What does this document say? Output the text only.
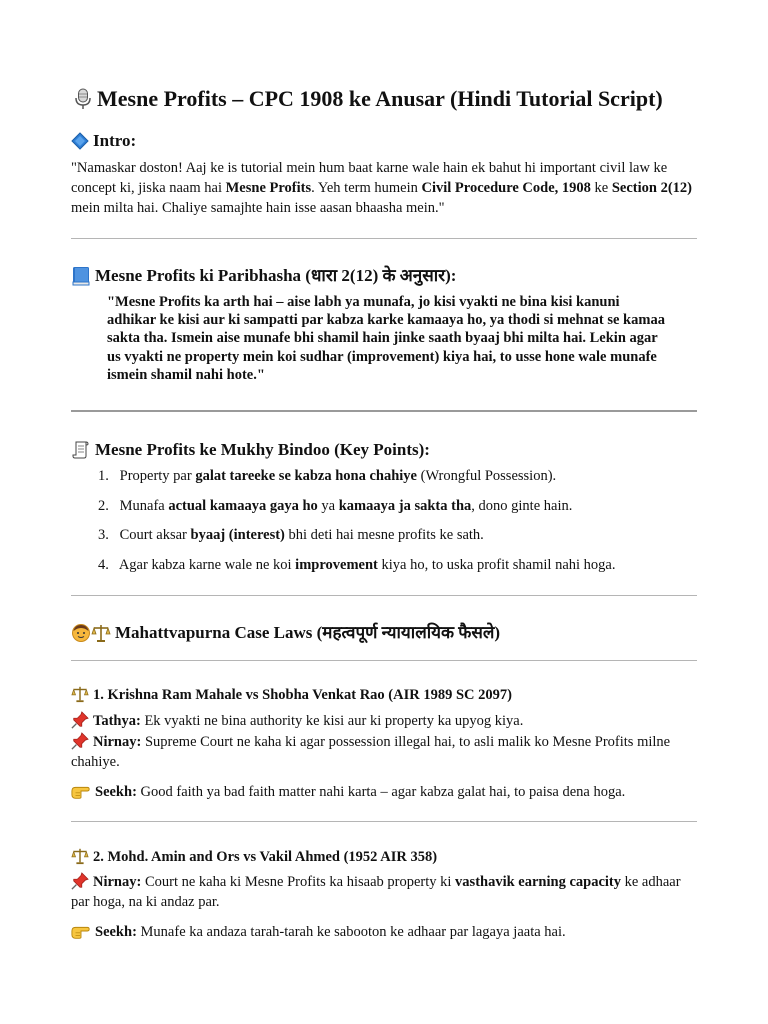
Mesne Profits – CPC 1908 ke Anusar (Hindi Tutorial Script)
Intro:

"Namaskar doston! Aaj ke is tutorial mein hum baat karne wale hain ek bahut hi important civil law ke concept ki, jiska naam hai Mesne Profits. Yeh term humein Civil Procedure Code, 1908 ke Section 2(12) mein milta hai. Chaliye samajhte hain isse aasan bhaasha mein."

Mesne Profits ki Paribhasha (धारा 2(12) के अनुसार):
"Mesne Profits ka arth hai – aise labh ya munafa, jo kisi vyakti ne bina kisi kanuni adhikar ke kisi aur ki sampatti par kabza karke kamaaya ho, ya thodi si mehnat se kamaa sakta tha. Ismein aise munafe bhi shamil hain jinke saath byaaj bhi milta hai. Lekin agar us vyakti ne property mein koi sudhar (improvement) kiya hai, to usse hone wale munafe ismein shamil nahi hote."
Mesne Profits ke Mukhy Bindoo (Key Points):
1. Property par galat tareeke se kabza hona chahiye (Wrongful Possession).
2. Munafa actual kamaaya gaya ho ya kamaaya ja sakta tha, dono ginte hain.
3. Court aksar byaaj (interest) bhi deti hai mesne profits ke sath.
4. Agar kabza karne wale ne koi improvement kiya ho, to uska profit shamil nahi hoga.
Mahattvapurna Case Laws (महत्वपूर्ण न्यायालयिक फैसले)
1. Krishna Ram Mahale vs Shobha Venkat Rao (AIR 1989 SC 2097)
Tathya: Ek vyakti ne bina authority ke kisi aur ki property ka upyog kiya.
Nirnay: Supreme Court ne kaha ki agar possession illegal hai, to asli malik ko Mesne Profits milne chahiye.
Seekh: Good faith ya bad faith matter nahi karta – agar kabza galat hai, to paisa dena hoga.
2. Mohd. Amin and Ors vs Vakil Ahmed (1952 AIR 358)
Nirnay: Court ne kaha ki Mesne Profits ka hisaab property ki vasthavik earning capacity ke adhaar par hoga, na ki andaz par.
Seekh: Munafe ka andaza tarah-tarah ke sabooton ke adhaar par lagaya jaata hai.
